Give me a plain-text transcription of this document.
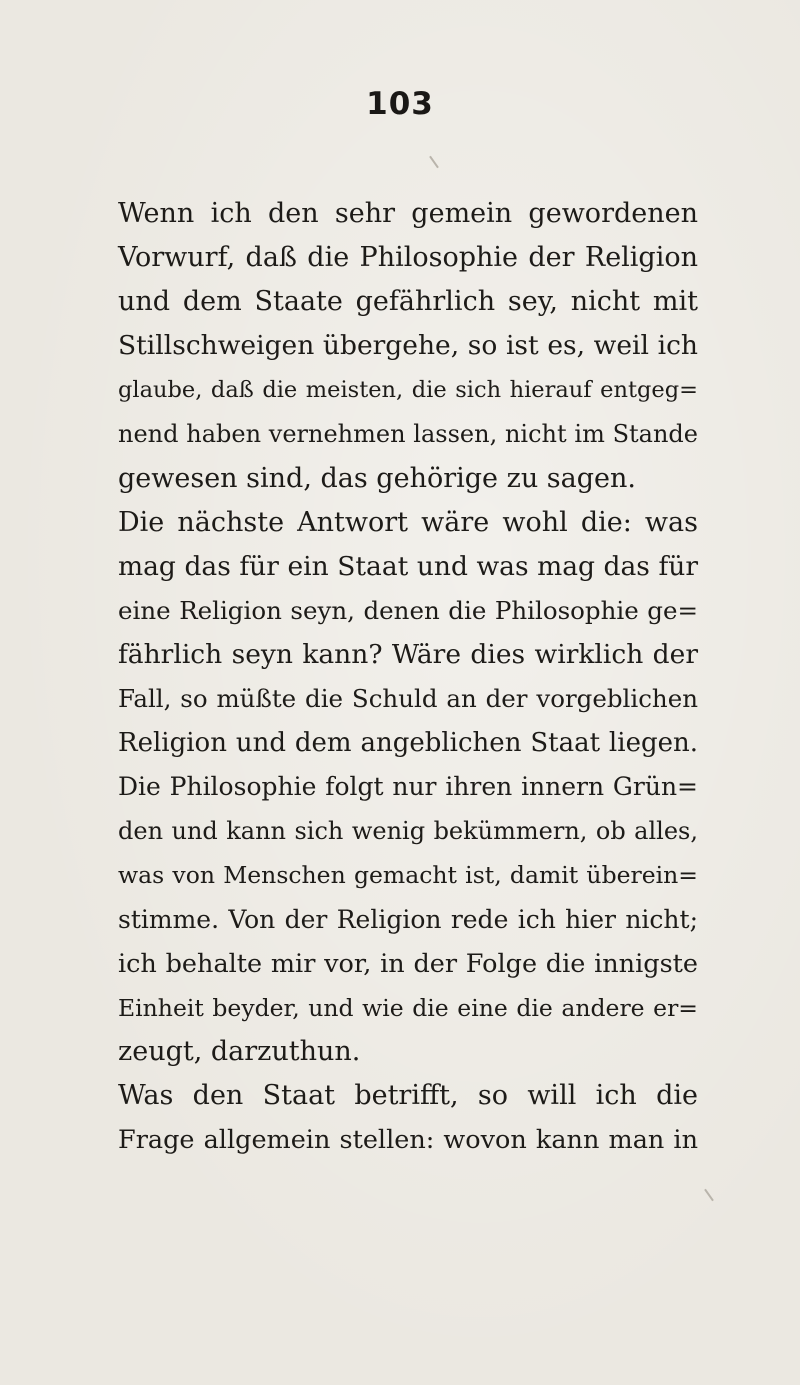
103
Wenn ich den sehr gemein gewordenen
Vorwurf, daß die Philosophie der Religion
und dem Staate gefährlich sey, nicht mit
Stillschweigen übergehe, so ist es, weil ich
glaube, daß die meisten, die sich hierauf entgeg=
nend haben vernehmen lassen, nicht im Stande
gewesen sind, das gehörige zu sagen.
Die nächste Antwort wäre wohl die: was
mag das für ein Staat und was mag das für
eine Religion seyn, denen die Philosophie ge=
fährlich seyn kann? Wäre dies wirklich der
Fall, so müßte die Schuld an der vorgeblichen
Religion und dem angeblichen Staat liegen.
Die Philosophie folgt nur ihren innern Grün=
den und kann sich wenig bekümmern, ob alles,
was von Menschen gemacht ist, damit überein=
stimme. Von der Religion rede ich hier nicht;
ich behalte mir vor, in der Folge die innigste
Einheit beyder, und wie die eine die andere er=
zeugt, darzuthun.
Was den Staat betrifft, so will ich die
Frage allgemein stellen: wovon kann man in
